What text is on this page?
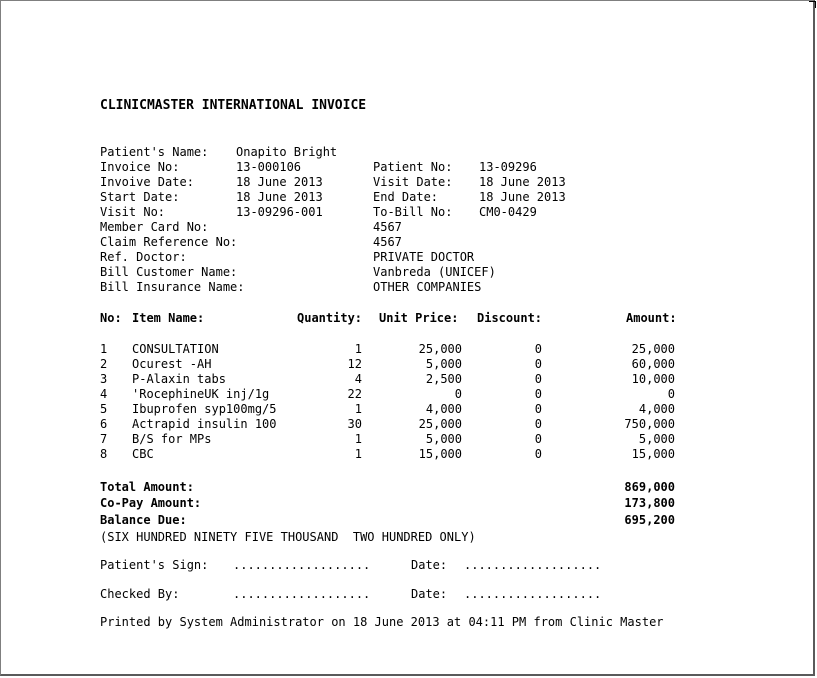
CLINICMASTER INTERNATIONAL INVOICE
Patient's Name: Onapito Bright
Invoice No:	13-000106	Patient No: 13-09296
Invoive Date:	18 June 2013	Visit Date: 18 June 2013
Start Date:	18 June 2013	End Date:	18 June 2013
Visit No:	13-09296-001	To-Bill No: CM0-0429
Member Card No:	4567
Claim Reference No:	4567
Ref. Doctor:	PRIVATE DOCTOR
Bill Customer Name:	Vanbreda (UNICEF)
Bill Insurance Name:	OTHER COMPANIES
No: Item Name:	Quantity: Unit Price: Discount:	Amount:
1 CONSULTATION	1	25,000	0	25,000
2 Ocurest -AH	12	5,000	0	60,000
3 P-Alaxin tabs	4	2,500	0	10,000
4 'RocephineUK inj/1g	22	0	0	0
5 Ibuprofen syp100mg/5	1	4,000	0	4,000
6 Actrapid insulin 100	30	25,000	0	750,000
7 B/S for MPs	1	5,000	0	5,000
8 CBC	1	15,000	0	15,000
Total Amount:	869,000
Co-Pay Amount:	173,800
Balance Due:	695,200
(SIX HUNDRED NINETY FIVE THOUSAND  TWO HUNDRED ONLY)
Patient's Sign: ...................	Date: ...................
Checked By:	...................	Date: ...................
Printed by System Administrator on 18 June 2013 at 04:11 PM from Clinic Master
